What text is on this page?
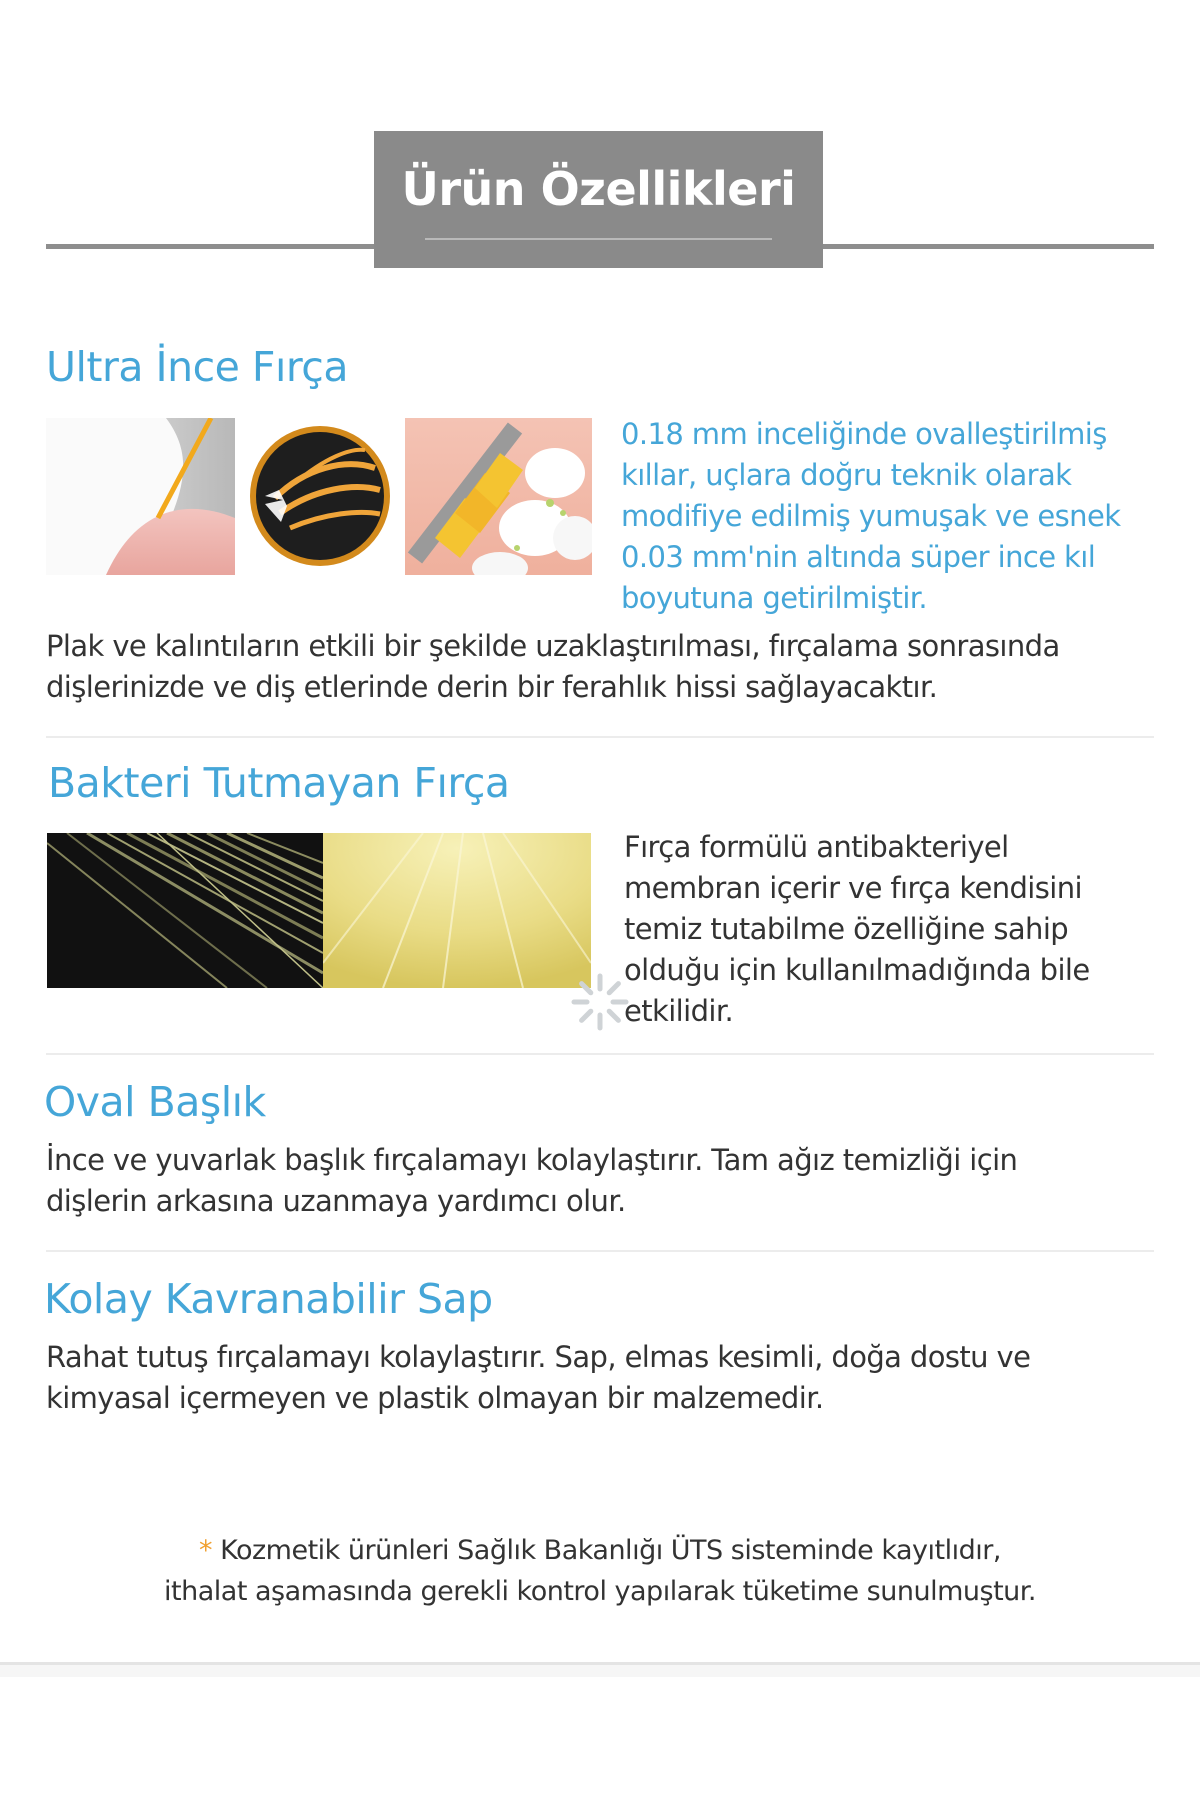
Ürün Özellikleri
Ultra İnce Fırça
0.18 mm inceliğinde ovalleştirilmiş
kıllar, uçlara doğru teknik olarak
modifiye edilmiş yumuşak ve esnek
0.03 mm'nin altında süper ince kıl
boyutuna getirilmiştir.
Plak ve kalıntıların etkili bir şekilde uzaklaştırılması, fırçalama sonrasında
dişlerinizde ve diş etlerinde derin bir ferahlık hissi sağlayacaktır.
Bakteri Tutmayan Fırça
Fırça formülü antibakteriyel
membran içerir ve fırça kendisini
temiz tutabilme özelliğine sahip
olduğu için kullanılmadığında bile
etkilidir.
Oval Başlık
İnce ve yuvarlak başlık fırçalamayı kolaylaştırır. Tam ağız temizliği için
dişlerin arkasına uzanmaya yardımcı olur.
Kolay Kavranabilir Sap
Rahat tutuş fırçalamayı kolaylaştırır. Sap, elmas kesimli, doğa dostu ve
kimyasal içermeyen ve plastik olmayan bir malzemedir.
* Kozmetik ürünleri Sağlık Bakanlığı ÜTS sisteminde kayıtlıdır,
ithalat aşamasında gerekli kontrol yapılarak tüketime sunulmuştur.
